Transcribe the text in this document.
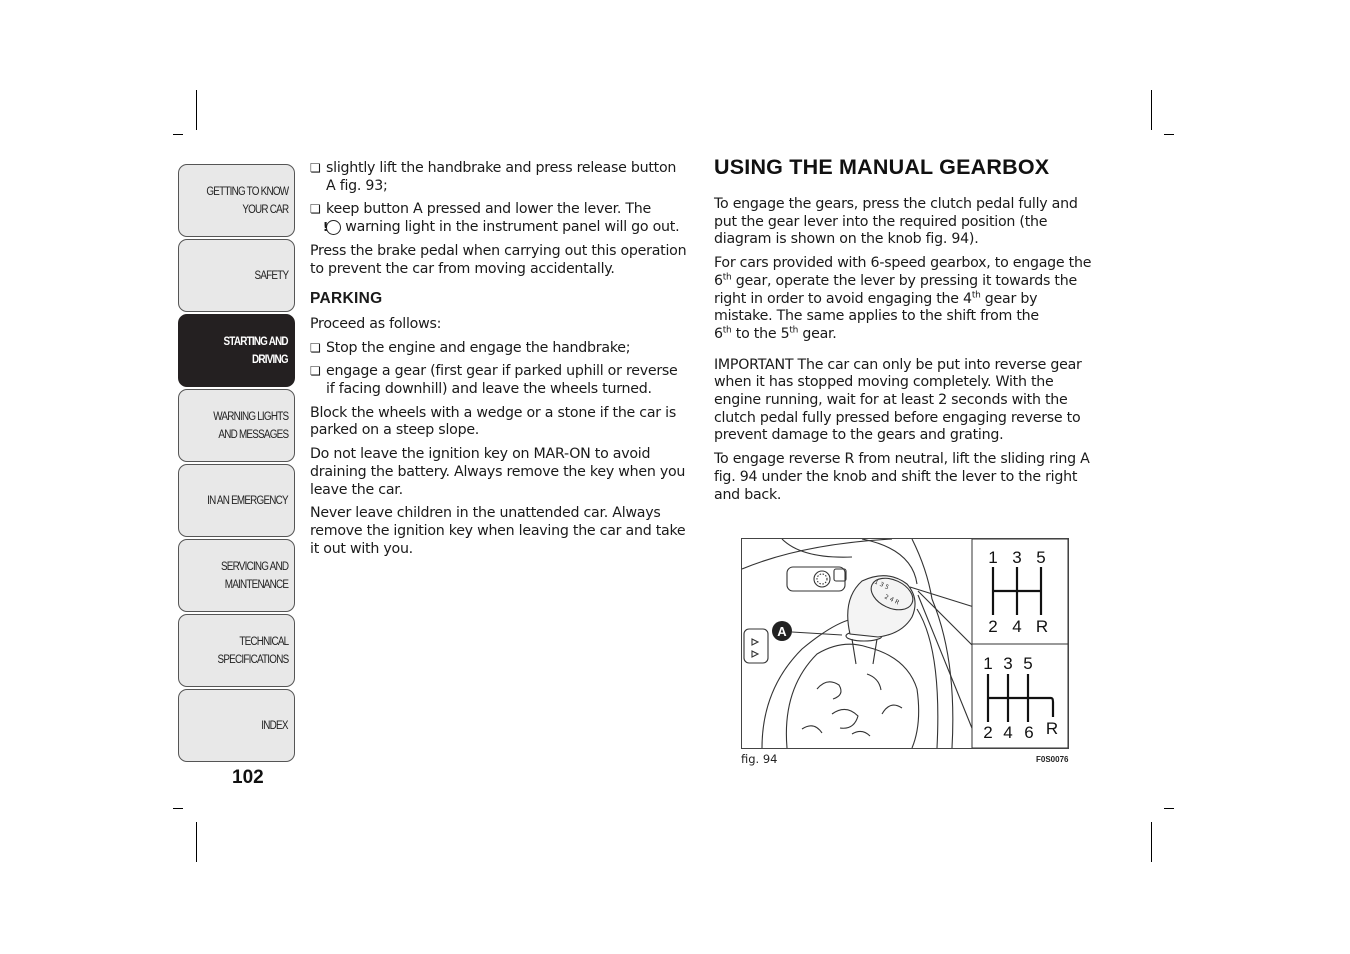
GETTING TO KNOW
YOUR CAR
SAFETY
STARTING AND
DRIVING
WARNING LIGHTS
AND MESSAGES
IN AN EMERGENCY
SERVICING AND
MAINTENANCE
TECHNICAL
SPECIFICATIONS
INDEX
102

❏ slightly lift the handbrake and press release button A fig. 93;

❏ keep button A pressed and lower the lever. The
! warning light in the instrument panel will go out.

Press the brake pedal when carrying out this operation to prevent the car from moving accidentally.

PARKING

Proceed as follows:

❏ Stop the engine and engage the handbrake;

❏ engage a gear (first gear if parked uphill or reverse if facing downhill) and leave the wheels turned.

Block the wheels with a wedge or a stone if the car is parked on a steep slope.

Do not leave the ignition key on MAR-ON to avoid draining the battery. Always remove the key when you leave the car.

Never leave children in the unattended car. Always remove the ignition key when leaving the car and take it out with you.

USING THE MANUAL GEARBOX

To engage the gears, press the clutch pedal fully and put the gear lever into the required position (the diagram is shown on the knob fig. 94).

For cars provided with 6-speed gearbox, to engage the 6th gear, operate the lever by pressing it towards the right in order to avoid engaging the 4th gear by mistake. The same applies to the shift from the
6th to the 5th gear.

IMPORTANT The car can only be put into reverse gear when it has stopped moving completely. With the engine running, wait for at least 2 seconds with the clutch pedal fully pressed before engaging reverse to prevent damage to the gears and grating.

To engage reverse R from neutral, lift the sliding ring A fig. 94 under the knob and shift the lever to the right and back.

1 3 5
2 4 R
A
1 3 5
2 4 R
1 3 5
2 4 6 R
fig. 94	F0S0076
